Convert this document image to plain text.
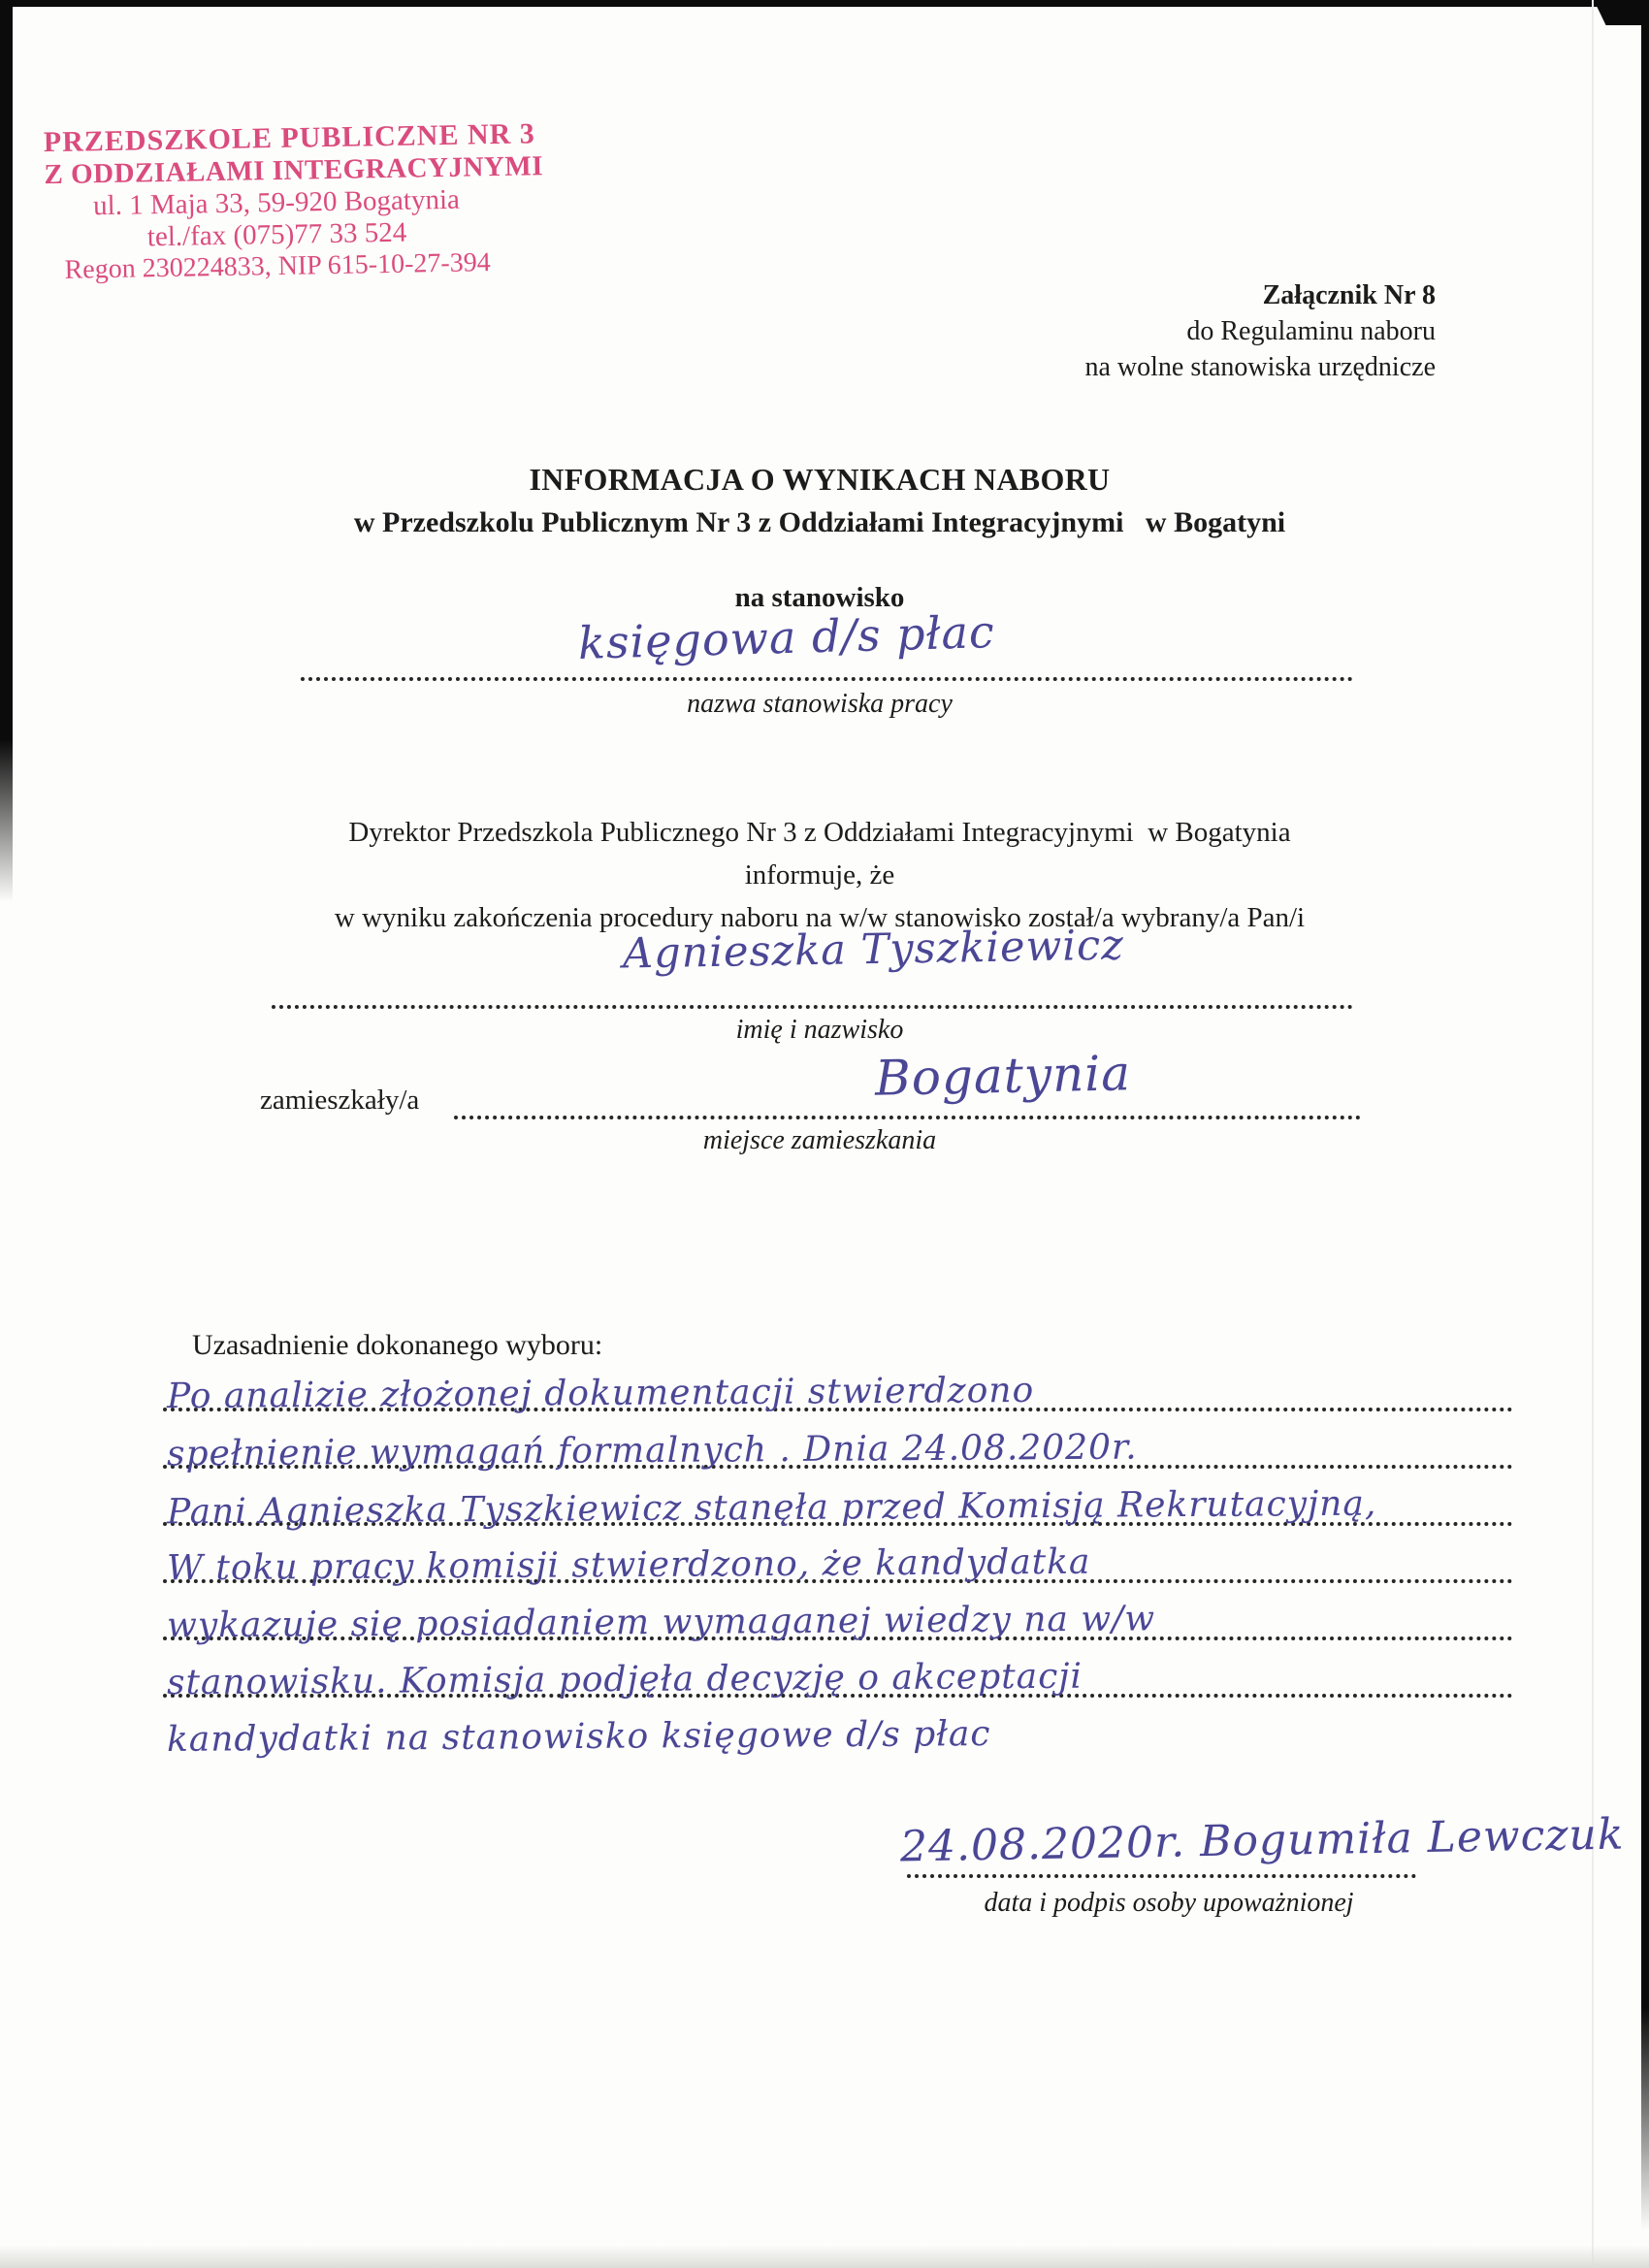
PRZEDSZKOLE PUBLICZNE NR 3
Z ODDZIAŁAMI INTEGRACYJNYMI
ul. 1 Maja 33, 59-920 Bogatynia
tel./fax (075)77 33 524
Regon 230224833, NIP 615-10-27-394
Załącznik Nr 8
do Regulaminu naboru
na wolne stanowiska urzędnicze
INFORMACJA O WYNIKACH NABORU
w Przedszkolu Publicznym Nr 3 z Oddziałami Integracyjnymi   w Bogatyni
na stanowisko
księgowa d/s płac
nazwa stanowiska pracy
Dyrektor Przedszkola Publicznego Nr 3 z Oddziałami Integracyjnymi  w Bogatynia
informuje, że
w wyniku zakończenia procedury naboru na w/w stanowisko został/a wybrany/a Pan/i
Agnieszka Tyszkiewicz
imię i nazwisko
zamieszkały/a	Bogatynia
miejsce zamieszkania
Uzasadnienie dokonanego wyboru:
Po analizie złożonej dokumentacji stwierdzono
spełnienie wymagań formalnych . Dnia 24.08.2020r.
Pani Agnieszka Tyszkiewicz stanęła przed Komisją Rekrutacyjną,
W toku pracy komisji stwierdzono, że kandydatka
wykazuje się posiadaniem wymaganej wiedzy na w/w
stanowisku. Komisja podjęła decyzję o akceptacji
kandydatki na stanowisko księgowe d/s płac
24.08.2020r. Bogumiła Lewczuk
data i podpis osoby upoważnionej
